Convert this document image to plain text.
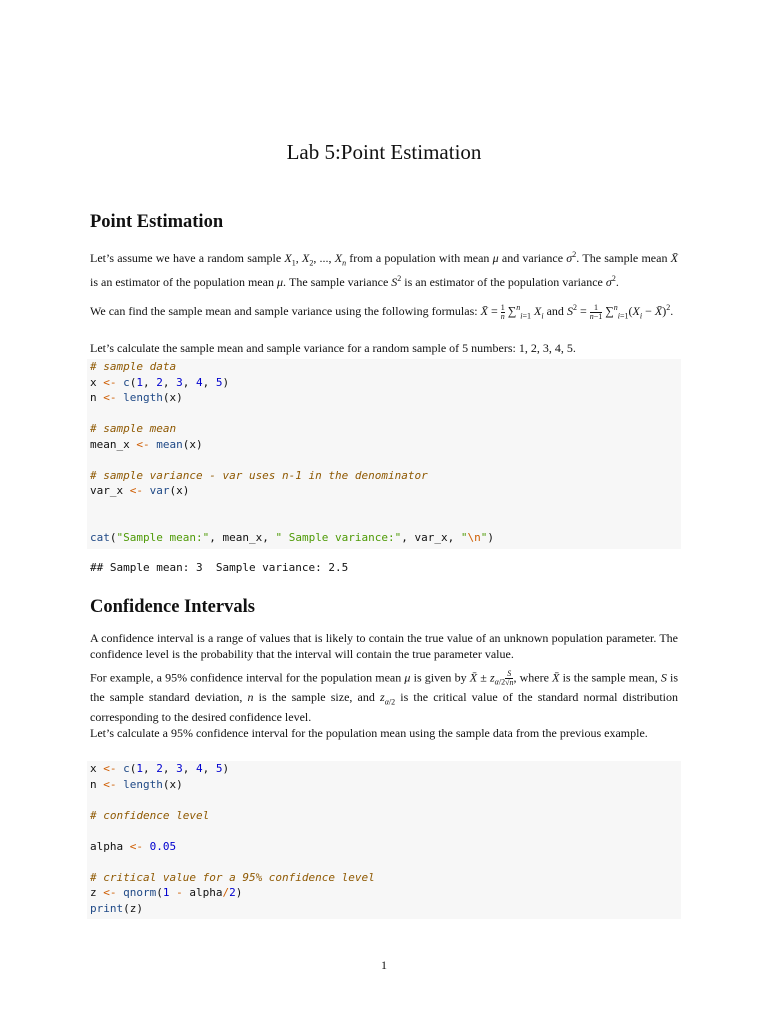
Lab 5:Point Estimation
Point Estimation

Let’s assume we have a random sample $X_1$, $X_2$, ..., $X_n$ from a population with mean μ and variance $\sigma^2$. The sample mean X̄ is an estimator of the population mean μ. The sample variance $S^2$ is an estimator of the population variance $\sigma^2$.

We can find the sample mean and sample variance using the following formulas: X̄ = $\frac{1}{n} \sum^n_{i=1}$ $X_i$ and $S^2 = \frac{1}{n-1} \sum^n_{i=1}(X_i$ − X̄)$^2$.

Let’s calculate the sample mean and sample variance for a random sample of 5 numbers: 1, 2, 3, 4, 5.

# sample data
x <- c(1, 2, 3, 4, 5)
n <- length(x)

# sample mean
mean_x <- mean(x)

# sample variance - var uses n-1 in the denominator
var_x <- var(x)

cat("Sample mean:", mean_x, " Sample variance:", var_x, "\n")
## Sample mean: 3  Sample variance: 2.5
Confidence Intervals

A confidence interval is a range of values that is likely to contain the true value of an unknown population parameter. The confidence level is the probability that the interval will contain the true parameter value.

For example, a 95% confidence interval for the population mean μ is given by X̄ ± $z_{\alpha/2} \frac{S}{√n}$ , where X̄ is the sample mean, S is the sample standard deviation, n is the sample size, and $z_{\alpha/2}$ is the critical value of the standard normal distribution corresponding to the desired confidence level.

Let’s calculate a 95% confidence interval for the population mean using the sample data from the previous example.

x <- c(1, 2, 3, 4, 5)
n <- length(x)

# confidence level

alpha <- 0.05

# critical value for a 95% confidence level
z <- qnorm(1 - alpha/2)
print(z)
1
